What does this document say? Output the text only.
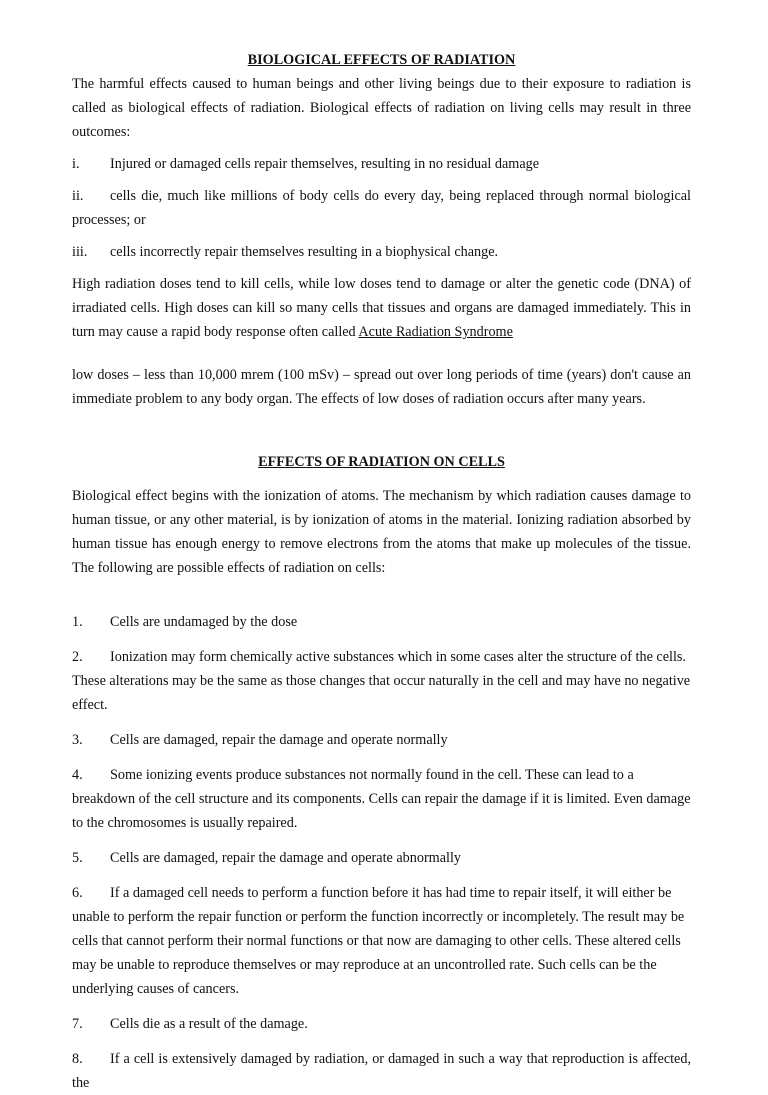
BIOLOGICAL EFFECTS OF RADIATION

The harmful effects caused to human beings and other living beings due to their exposure to radiation is called as biological effects of radiation. Biological effects of radiation on living cells may result in three outcomes:

i. Injured or damaged cells repair themselves, resulting in no residual damage

ii. cells die, much like millions of body cells do every day, being replaced through normal biological processes; or

iii. cells incorrectly repair themselves resulting in a biophysical change.

High radiation doses tend to kill cells, while low doses tend to damage or alter the genetic code (DNA) of irradiated cells. High doses can kill so many cells that tissues and organs are damaged immediately. This in turn may cause a rapid body response often called Acute Radiation Syndrome

low doses – less than 10,000 mrem (100 mSv) – spread out over long periods of time (years) don't cause an immediate problem to any body organ. The effects of low doses of radiation occurs after many years.

EFFECTS OF RADIATION ON CELLS

Biological effect begins with the ionization of atoms. The mechanism by which radiation causes damage to human tissue, or any other material, is by ionization of atoms in the material. Ionizing radiation absorbed by human tissue has enough energy to remove electrons from the atoms that make up molecules of the tissue. The following are possible effects of radiation on cells:

1. Cells are undamaged by the dose

2. Ionization may form chemically active substances which in some cases alter the structure of the cells. These alterations may be the same as those changes that occur naturally in the cell and may have no negative effect.

3. Cells are damaged, repair the damage and operate normally

4. Some ionizing events produce substances not normally found in the cell. These can lead to a breakdown of the cell structure and its components. Cells can repair the damage if it is limited. Even damage to the chromosomes is usually repaired.

5. Cells are damaged, repair the damage and operate abnormally

6. If a damaged cell needs to perform a function before it has had time to repair itself, it will either be unable to perform the repair function or perform the function incorrectly or incompletely. The result may be cells that cannot perform their normal functions or that now are damaging to other cells. These altered cells may be unable to reproduce themselves or may reproduce at an uncontrolled rate. Such cells can be the underlying causes of cancers.

7. Cells die as a result of the damage.

8. If a cell is extensively damaged by radiation, or damaged in such a way that reproduction is affected, the
